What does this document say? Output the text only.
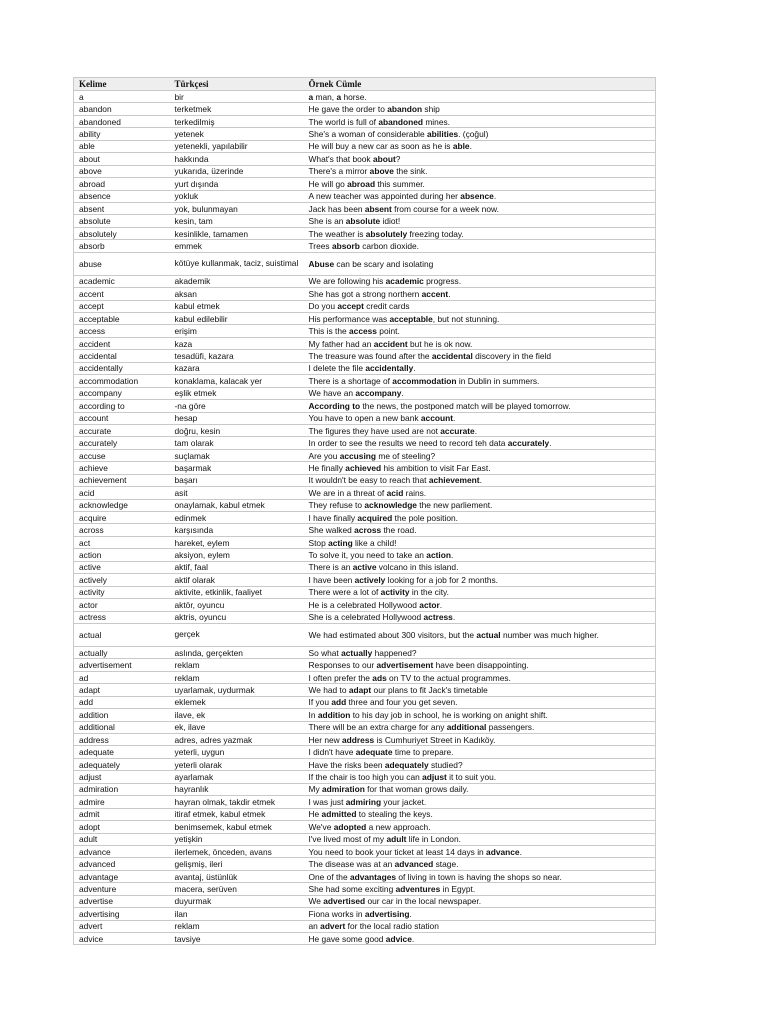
Kelime	Türkçesi	Örnek Cümle
a	bir	a man, a horse.
abandon	terketmek	He gave the order to abandon ship
abandoned	terkedilmiş	The world is full of abandoned mines.
ability	yetenek	She's a woman of considerable abilities. (çoğul)
able	yetenekli, yapılabilir	He will buy a new car as soon as he is able.
about	hakkında	What's that book about?
above	yukarıda, üzerinde	There's a mirror above the sink.
abroad	yurt dışında	He will go abroad this summer.
absence	yokluk	A new teacher was appointed during her absence.
absent	yok, bulunmayan	Jack has been absent from course for a week now.
absolute	kesin, tam	She is an absolute idiot!
absolutely	kesinlikle, tamamen	The weather is absolutely freezing today.
absorb	emmek	Trees absorb carbon dioxide.
abuse	kötüye kullanmak, taciz, suistimal	Abuse can be scary and isolating
academic	akademik	We are following his academic progress.
accent	aksan	She has got a strong northern accent.
accept	kabul etmek	Do you accept credit cards
acceptable	kabul edilebilir	His performance was acceptable, but not stunning.
access	erişim	This is the access point.
accident	kaza	My father had an accident but he is ok now.
accidental	tesadüfi, kazara	The treasure was found after the accidental discovery in the field
accidentally	kazara	I delete the file accidentally.
accommodation	konaklama, kalacak yer	There is a shortage of accommodation in Dublin in summers.
accompany	eşlik etmek	We have an accompany.
according to	-na göre	According to the news, the postponed match will be played tomorrow.
account	hesap	You have to open a new bank account.
accurate	doğru, kesin	The figures they have used are not accurate.
accurately	tam olarak	In order to see the results we need to record teh data accurately.
accuse	suçlamak	Are you accusing me of steeling?
achieve	başarmak	He finally achieved his ambition to visit Far East.
achievement	başarı	It wouldn't be easy to reach that achievement.
acid	asit	We are in a threat of acid rains.
acknowledge	onaylamak, kabul etmek	They refuse to acknowledge the new parliement.
acquire	edinmek	I have finally acquired the pole position.
across	karşısında	She walked across the road.
act	hareket, eylem	Stop acting like a child!
action	aksiyon, eylem	To solve it, you need to take an action.
active	aktif, faal	There is an active volcano in this island.
actively	aktif olarak	I have been actively looking for a job for 2 months.
activity	aktivite, etkinlik, faaliyet	There were a lot of activity in the city.
actor	aktör, oyuncu	He is a celebrated Hollywood actor.
actress	aktris, oyuncu	She is a celebrated Hollywood actress.
actual	gerçek	We had estimated about 300 visitors, but the actual number was much higher.
actually	aslında, gerçekten	So what actually happened?
advertisement	reklam	Responses to our advertisement have been disappointing.
ad	reklam	I often prefer the ads on TV to the actual programmes.
adapt	uyarlamak, uydurmak	We had to adapt our plans to fit Jack's timetable
add	eklemek	If you add three and four you get seven.
addition	ilave, ek	In addition to his day job in school, he is working on anight shift.
additional	ek, ilave	There will be an extra charge for any additional passengers.
address	adres, adres yazmak	Her new address is Cumhuriyet Street in Kadıköy.
adequate	yeterli, uygun	I didn't have adequate time to prepare.
adequately	yeterli olarak	Have the risks been adequately studied?
adjust	ayarlamak	If the chair is too high you can adjust it to suit you.
admiration	hayranlık	My admiration for that woman grows daily.
admire	hayran olmak, takdir etmek	I was just admiring your jacket.
admit	itiraf etmek, kabul etmek	He admitted to stealing the keys.
adopt	benimsemek, kabul etmek	We've adopted a new approach.
adult	yetişkin	I've lived most of my adult life in London.
advance	ilerlemek, önceden, avans	You need to book your ticket at least 14 days in advance.
advanced	gelişmiş, ileri	The disease was at an advanced stage.
advantage	avantaj, üstünlük	One of the advantages of living in town is having the shops so near.
adventure	macera, serüven	She had some exciting adventures in Egypt.
advertise	duyurmak	We advertised our car in the local newspaper.
advertising	ilan	Fiona works in advertising.
advert	reklam	an advert for the local radio station
advice	tavsiye	He gave some good advice.
